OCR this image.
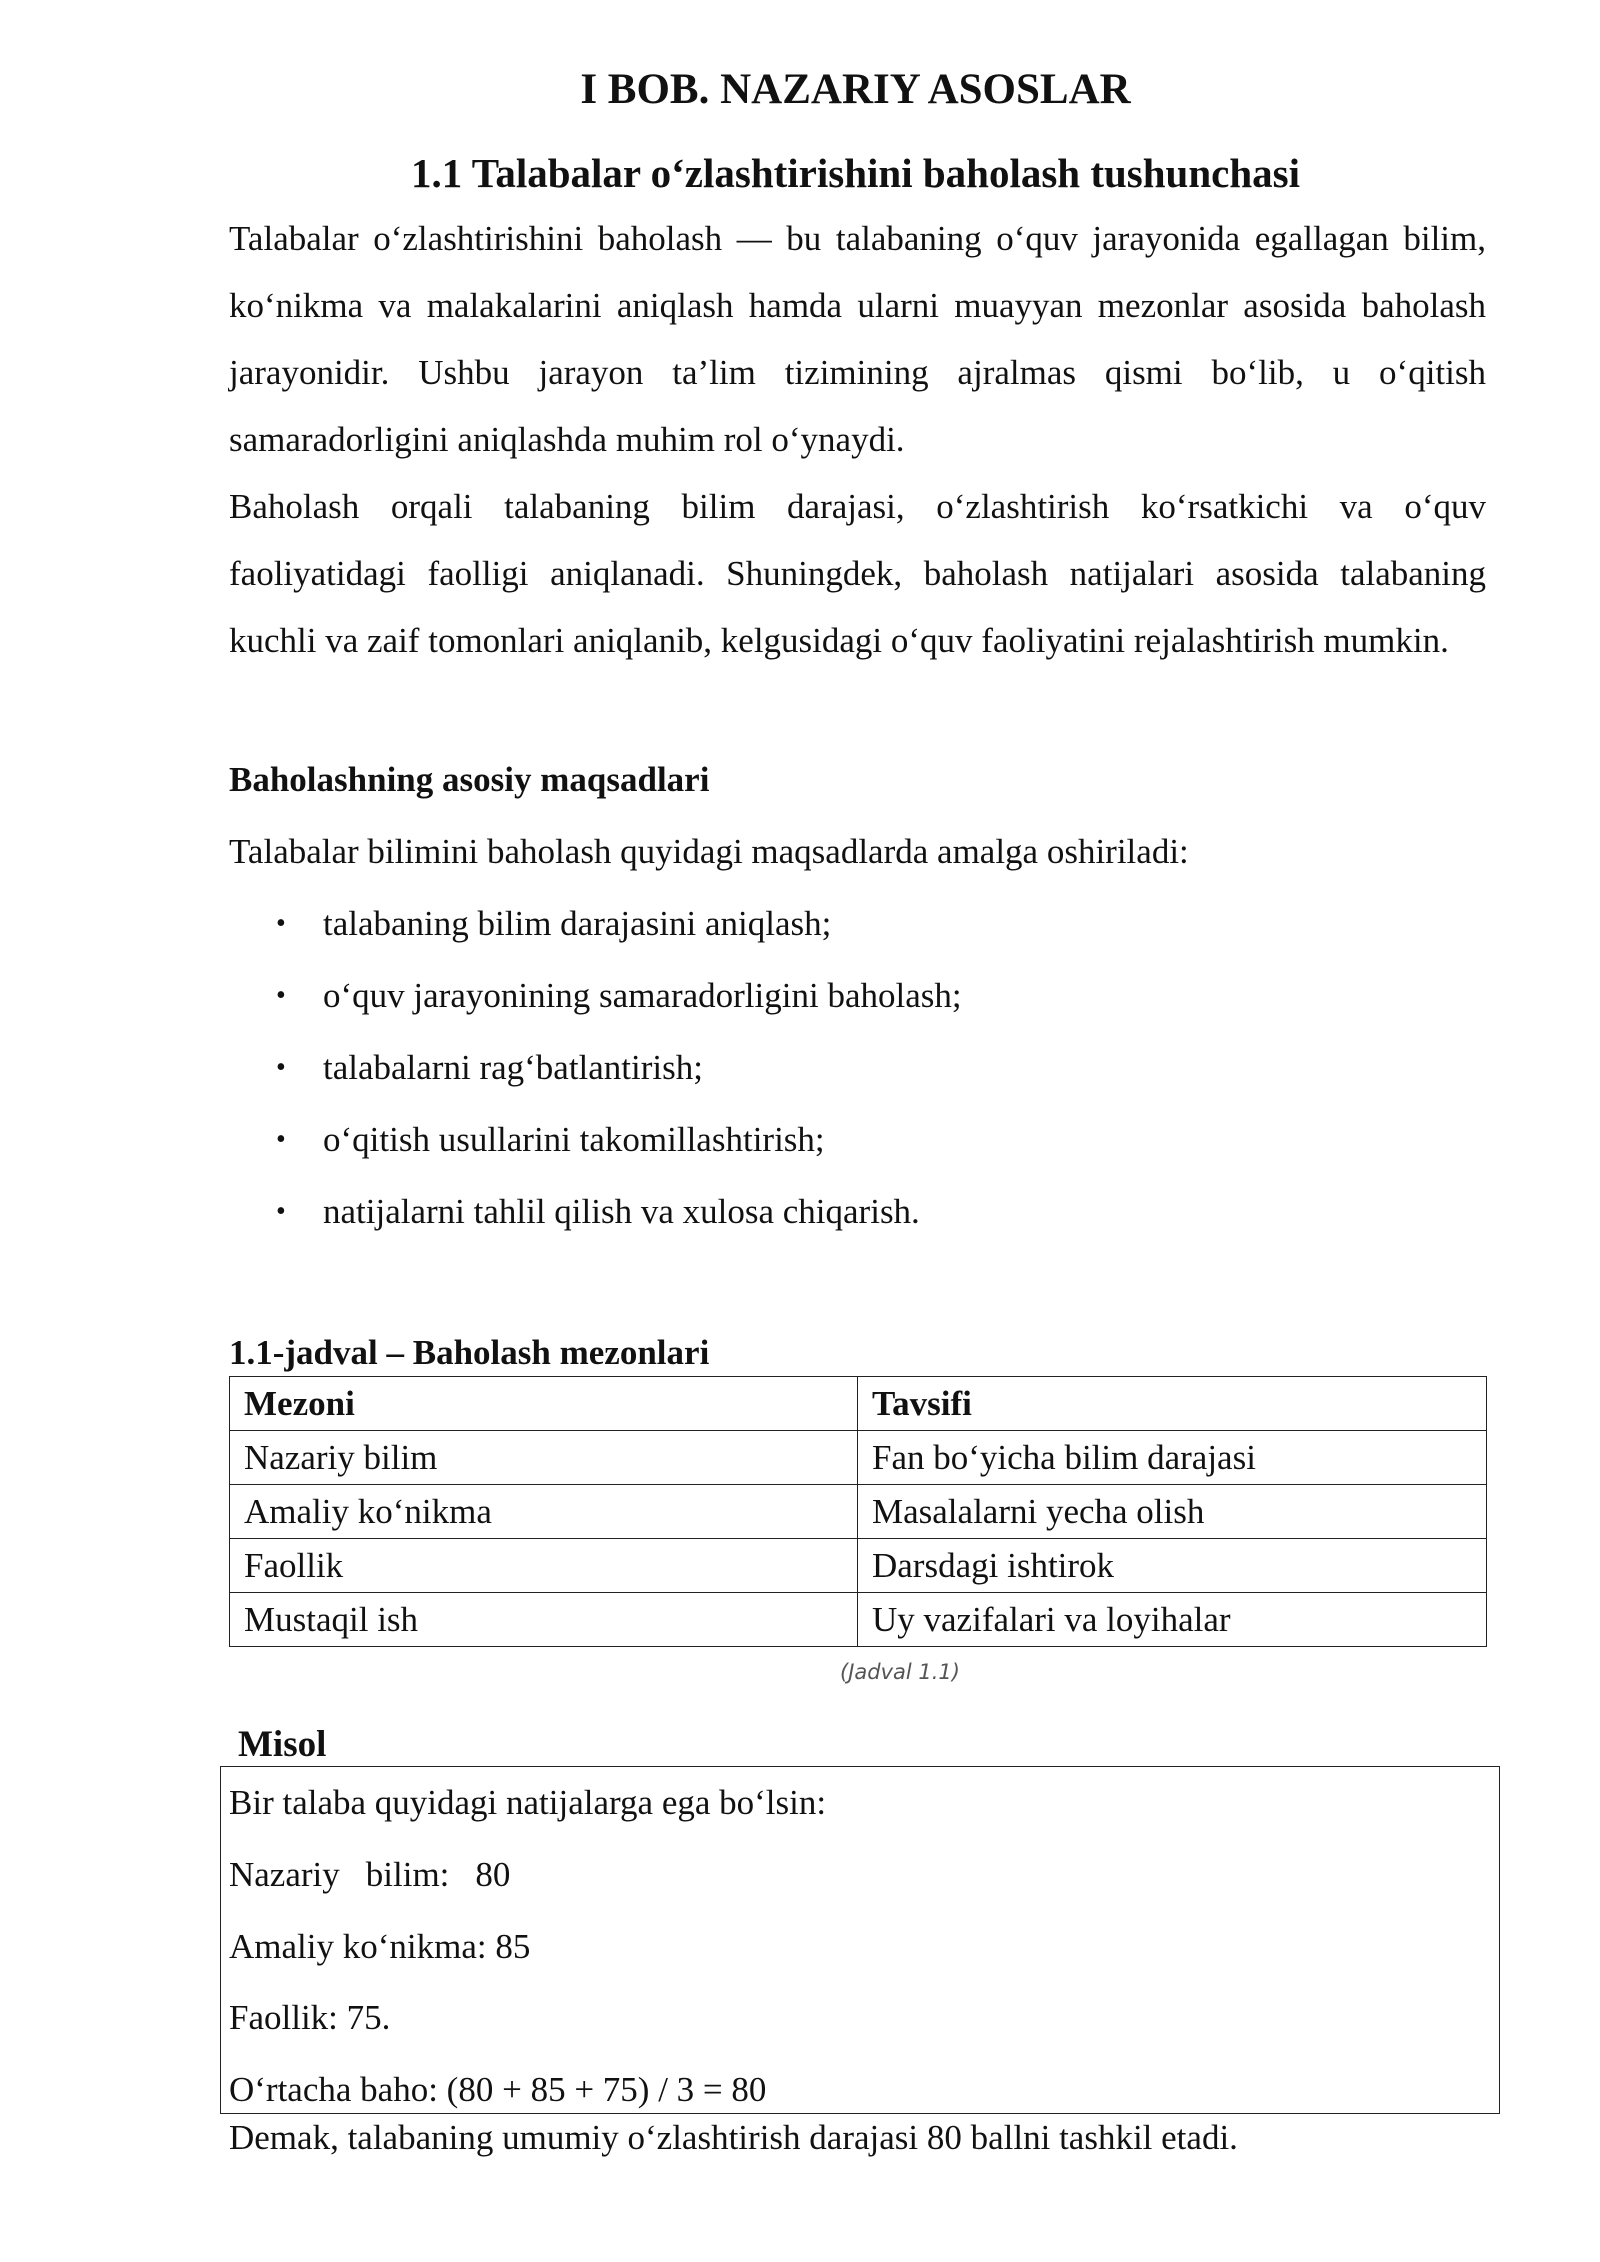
I BOB. NAZARIY ASOSLAR
1.1 Talabalar o‘zlashtirishini baholash tushunchasi

Talabalar o‘zlashtirishini baholash — bu talabaning o‘quv jarayonida egallagan bilim, ko‘nikma va malakalarini aniqlash hamda ularni muayyan mezonlar asosida baholash jarayonidir. Ushbu jarayon ta’lim tizimining ajralmas qismi bo‘lib, u o‘qitish samaradorligini aniqlashda muhim rol o‘ynaydi.

Baholash orqali talabaning bilim darajasi, o‘zlashtirish ko‘rsatkichi va o‘quv faoliyatidagi faolligi aniqlanadi. Shuningdek, baholash natijalari asosida talabaning kuchli va zaif tomonlari aniqlanib, kelgusidagi o‘quv faoliyatini rejalashtirish mumkin.

Baholashning asosiy maqsadlari
Talabalar bilimini baholash quyidagi maqsadlarda amalga oshiriladi:
• talabaning bilim darajasini aniqlash;
• o‘quv jarayonining samaradorligini baholash;
• talabalarni rag‘batlantirish;
• o‘qitish usullarini takomillashtirish;
• natijalarni tahlil qilish va xulosa chiqarish.
1.1-jadval – Baholash mezonlari
Mezoni	Tavsifi
Nazariy bilim	Fan bo‘yicha bilim darajasi
Amaliy ko‘nikma	Masalalarni yecha olish
Faollik	Darsdagi ishtirok
Mustaqil ish	Uy vazifalari va loyihalar
(Jadval 1.1)
Misol
Bir talaba quyidagi natijalarga ega bo‘lsin:
Nazariy bilim: 80
Amaliy ko‘nikma: 85
Faollik: 75.
O‘rtacha baho: (80 + 85 + 75) / 3 = 80
Demak, talabaning umumiy o‘zlashtirish darajasi 80 ballni tashkil etadi.
